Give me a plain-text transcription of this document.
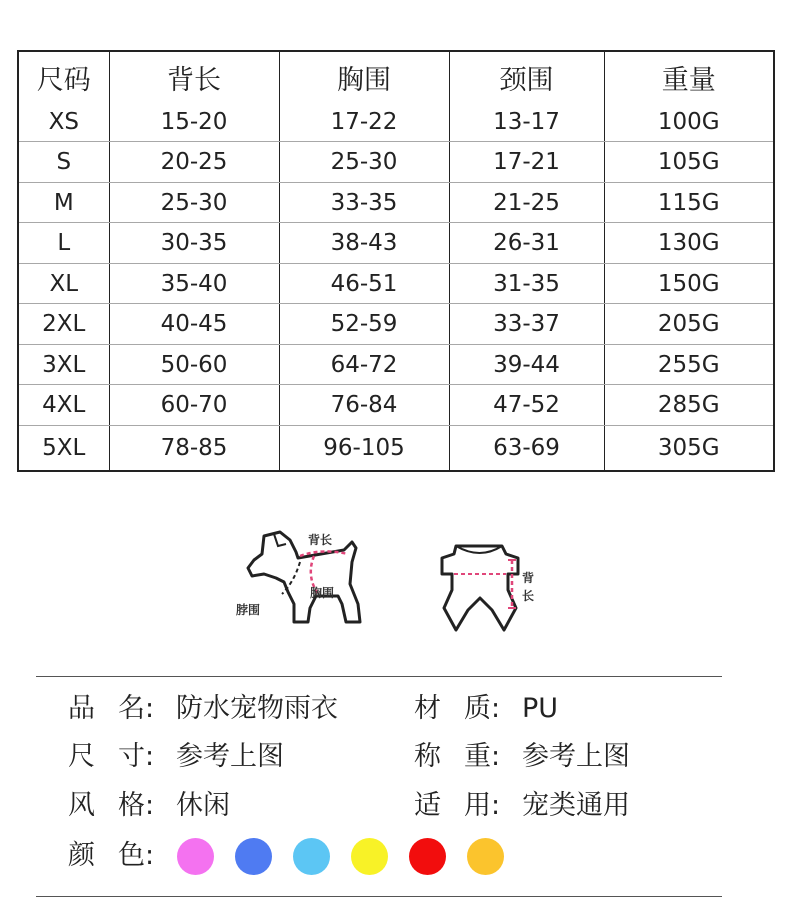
尺码	背长	胸围	颈围	重量
XS	15-20	17-22	13-17	100G
S	20-25	25-30	17-21	105G
M	25-30	33-35	21-25	115G
L	30-35	38-43	26-31	130G
XL	35-40	46-51	31-35	150G
2XL	40-45	52-59	33-37	205G
3XL	50-60	64-72	39-44	255G
4XL	60-70	76-84	47-52	285G
5XL	78-85	96-105	63-69	305G
背长
胸围
脖围
背
长
品 名: 防水宠物雨衣	材 质: PU
尺 寸: 参考上图	称 重: 参考上图
风 格: 休闲	适 用: 宠类通用
颜 色:
